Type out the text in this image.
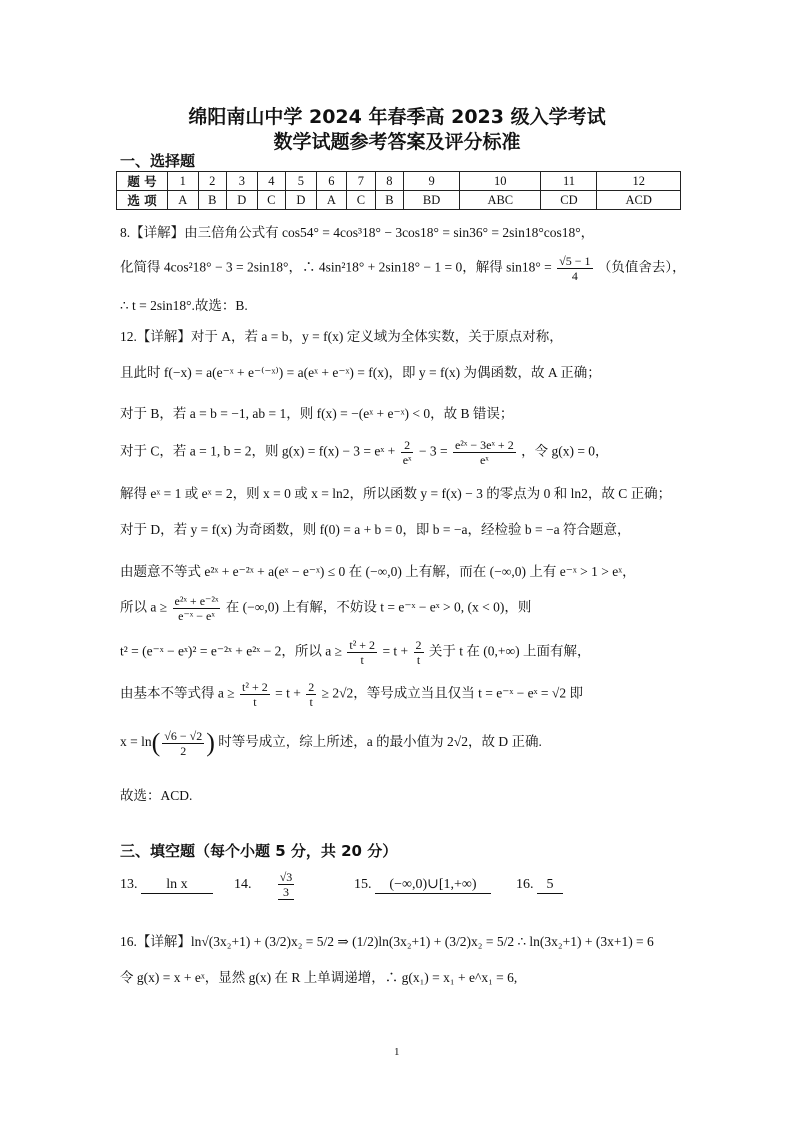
绵阳南山中学 2024 年春季高 2023 级入学考试
数学试题参考答案及评分标准
一、选择题
题 号	1	2	3	4	5	6	7	8	9	10	11	12
选 项	A	B	D	C	D	A	C	B	BD	ABC	CD	ACD
8.【详解】由三倍角公式有 cos54° = 4cos³18° − 3cos18° = sin36° = 2sin18°cos18°，
化简得 4cos²18° − 3 = 2sin18°，∴ 4sin²18° + 2sin18° − 1 = 0，解得 $\sin 18^\circ = \frac{√5 - 1}{4}$ （负值舍去），
∴ t = 2sin18°.故选：B.
12.【详解】对于 A，若 a = b，y = f(x) 定义域为全体实数，关于原点对称，
且此时 f(−x) = a(e⁻ˣ + e⁻⁽⁻ˣ⁾) = a(eˣ + e⁻ˣ) = f(x)，即 y = f(x) 为偶函数，故 A 正确；
对于 B，若 a = b = −1, ab = 1，则 f(x) = −(eˣ + e⁻ˣ) < 0，故 B 错误；
对于 C，若 a = 1, b = 2，则 g(x) = f(x) − 3 = eˣ + $\frac{2}{\text{eˣ}} - 3 = \frac{\text{e²ˣ − 3eˣ + 2}}{\text{eˣ}}$ ，令 g(x) = 0，
解得 eˣ = 1 或 eˣ = 2，则 x = 0 或 x = ln2，所以函数 y = f(x) − 3 的零点为 0 和 ln2，故 C 正确；
对于 D，若 y = f(x) 为奇函数，则 f(0) = a + b = 0，即 b = −a，经检验 b = −a 符合题意，
由题意不等式 e²ˣ + e⁻²ˣ + a(eˣ − e⁻ˣ) ≤ 0 在 (−∞,0) 上有解，而在 (−∞,0) 上有 e⁻ˣ > 1 > eˣ，
所以 $a \ge \frac{\text{e²ˣ + e⁻²ˣ}}{\text{e⁻ˣ − eˣ}}$ 在 (−∞,0) 上有解，不妨设 t = e⁻ˣ − eˣ > 0, (x < 0)，则
t² = (e⁻ˣ − eˣ)² = e⁻²ˣ + e²ˣ − 2，所以 $a \ge \frac{\text{t² + 2}}{t} = t + \frac{2}{t}$ 关于 t 在 (0,+∞) 上面有解，
由基本不等式得 $a \ge \frac{\text{t² + 2}}{t} = t + \frac{2}{t} \ge 2√2$，等号成立当且仅当 t = e⁻ˣ − eˣ = √2 即
$x = \ln( \frac{√6 - √2}{2}$ ) 时等号成立，综上所述，a 的最小值为 2√2，故 D 正确.
故选：ACD.
三、填空题（每个小题 5 分，共 20 分）
13. ln x	14. $\frac{√3}{3}$	15. (−∞,0)∪[1,+∞)	16. 5
16.【详解】ln√(3x₂+1) + (3/2)x₂ = 5/2 ⇒ (1/2)ln(3x₂+1) + (3/2)x₂ = 5/2 ∴ ln(3x₂+1) + (3x+1) = 6
令 g(x) = x + eˣ，显然 g(x) 在 R 上单调递增，∴ g(x₁) = x₁ + e^x₁ = 6,
1
